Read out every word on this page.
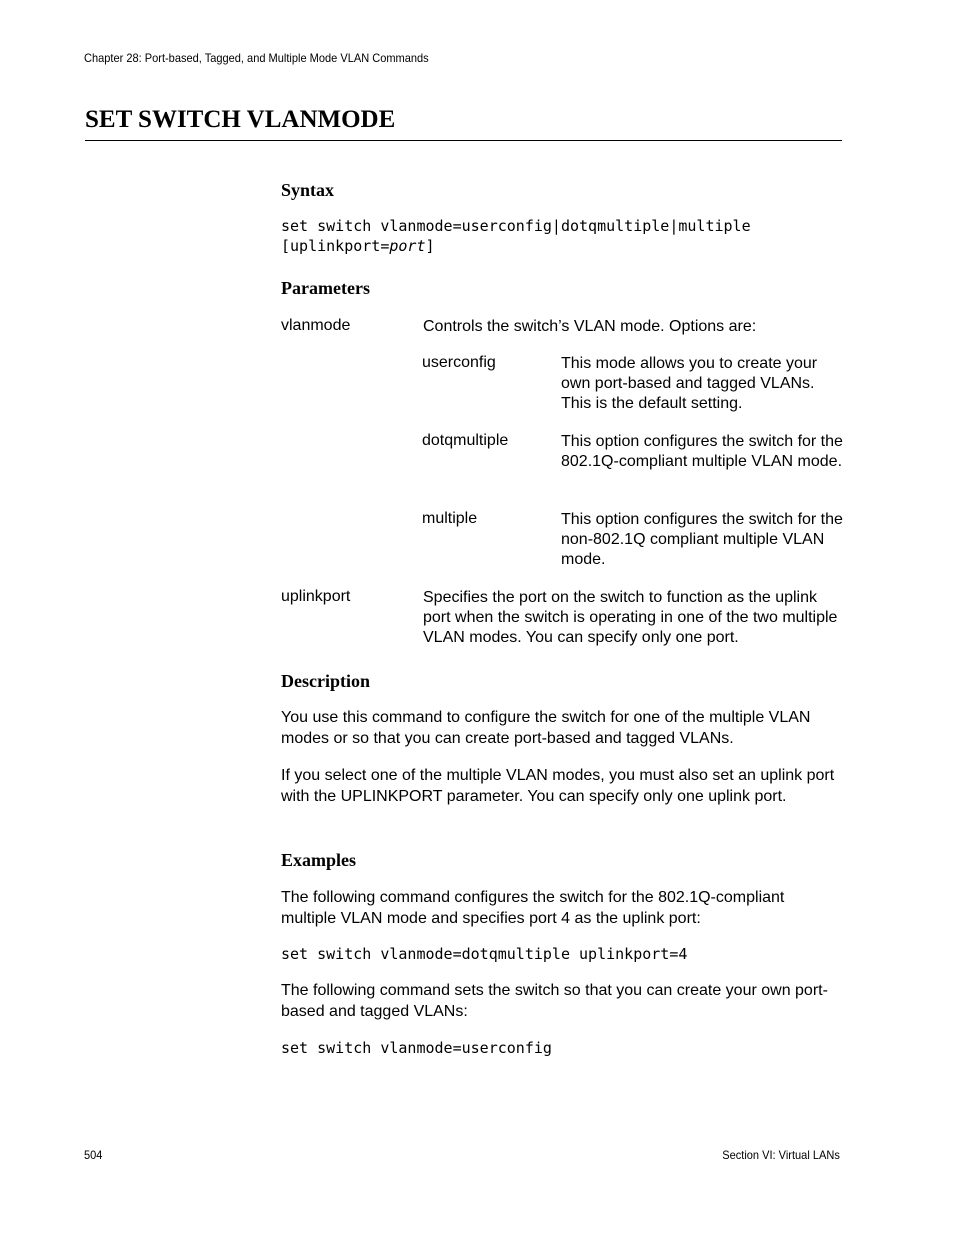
Chapter 28: Port-based, Tagged, and Multiple Mode VLAN Commands
SET SWITCH VLANMODE
Syntax
set switch vlanmode=userconfig|dotqmultiple|multiple
[uplinkport=port]
Parameters
vlanmode	Controls the switch’s VLAN mode. Options are:
userconfig	This mode allows you to create your own port-based and tagged VLANs. This is the default setting.
dotqmultiple	This option configures the switch for the 802.1Q-compliant multiple VLAN mode.
multiple	This option configures the switch for the non-802.1Q compliant multiple VLAN mode.
uplinkport	Specifies the port on the switch to function as the uplink port when the switch is operating in one of the two multiple VLAN modes. You can specify only one port.
Description
You use this command to configure the switch for one of the multiple VLAN modes or so that you can create port-based and tagged VLANs.
If you select one of the multiple VLAN modes, you must also set an uplink port with the UPLINKPORT parameter. You can specify only one uplink port.
Examples
The following command configures the switch for the 802.1Q-compliant multiple VLAN mode and specifies port 4 as the uplink port:
set switch vlanmode=dotqmultiple uplinkport=4
The following command sets the switch so that you can create your own port-based and tagged VLANs:
set switch vlanmode=userconfig
504	Section VI: Virtual LANs
